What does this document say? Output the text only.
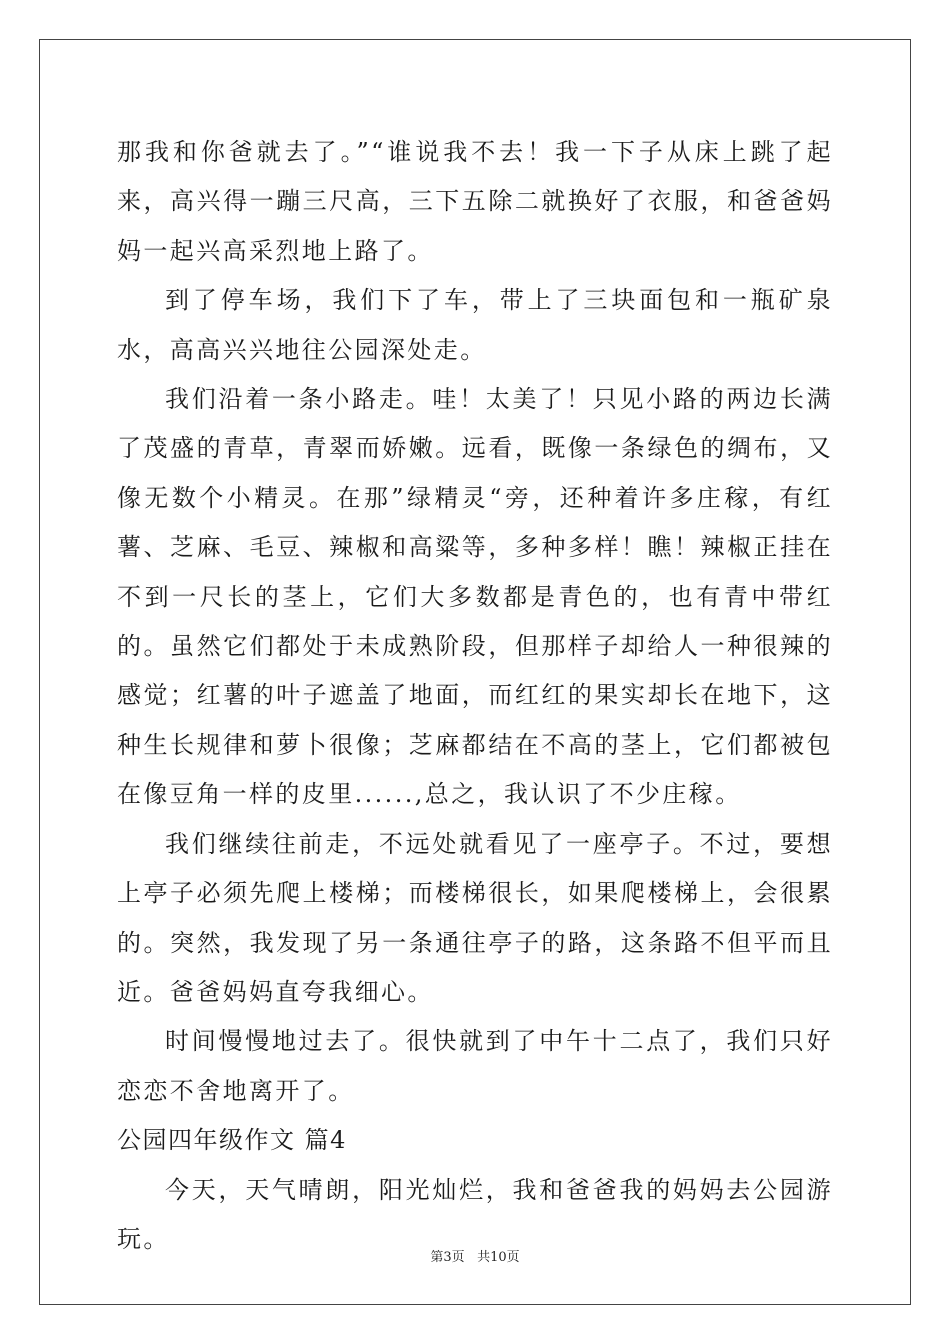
那我和你爸就去了。”“谁说我不去！我一下子从床上跳了起来，高兴得一蹦三尺高，三下五除二就换好了衣服，和爸爸妈妈一起兴高采烈地上路了。

到了停车场，我们下了车，带上了三块面包和一瓶矿泉水，高高兴兴地往公园深处走。

我们沿着一条小路走。哇！太美了！只见小路的两边长满了茂盛的青草，青翠而娇嫩。远看，既像一条绿色的绸布，又像无数个小精灵。在那”绿精灵“旁，还种着许多庄稼，有红薯、芝麻、毛豆、辣椒和高粱等，多种多样！瞧！辣椒正挂在不到一尺长的茎上，它们大多数都是青色的，也有青中带红的。虽然它们都处于未成熟阶段，但那样子却给人一种很辣的感觉；红薯的叶子遮盖了地面，而红红的果实却长在地下，这种生长规律和萝卜很像；芝麻都结在不高的茎上，它们都被包在像豆角一样的皮里......,总之，我认识了不少庄稼。

我们继续往前走，不远处就看见了一座亭子。不过，要想上亭子必须先爬上楼梯；而楼梯很长，如果爬楼梯上，会很累的。突然，我发现了另一条通往亭子的路，这条路不但平而且近。爸爸妈妈直夸我细心。

时间慢慢地过去了。很快就到了中午十二点了，我们只好恋恋不舍地离开了。

公园四年级作文 篇4

今天，天气晴朗，阳光灿烂，我和爸爸我的妈妈去公园游玩。

第3页 共10页
